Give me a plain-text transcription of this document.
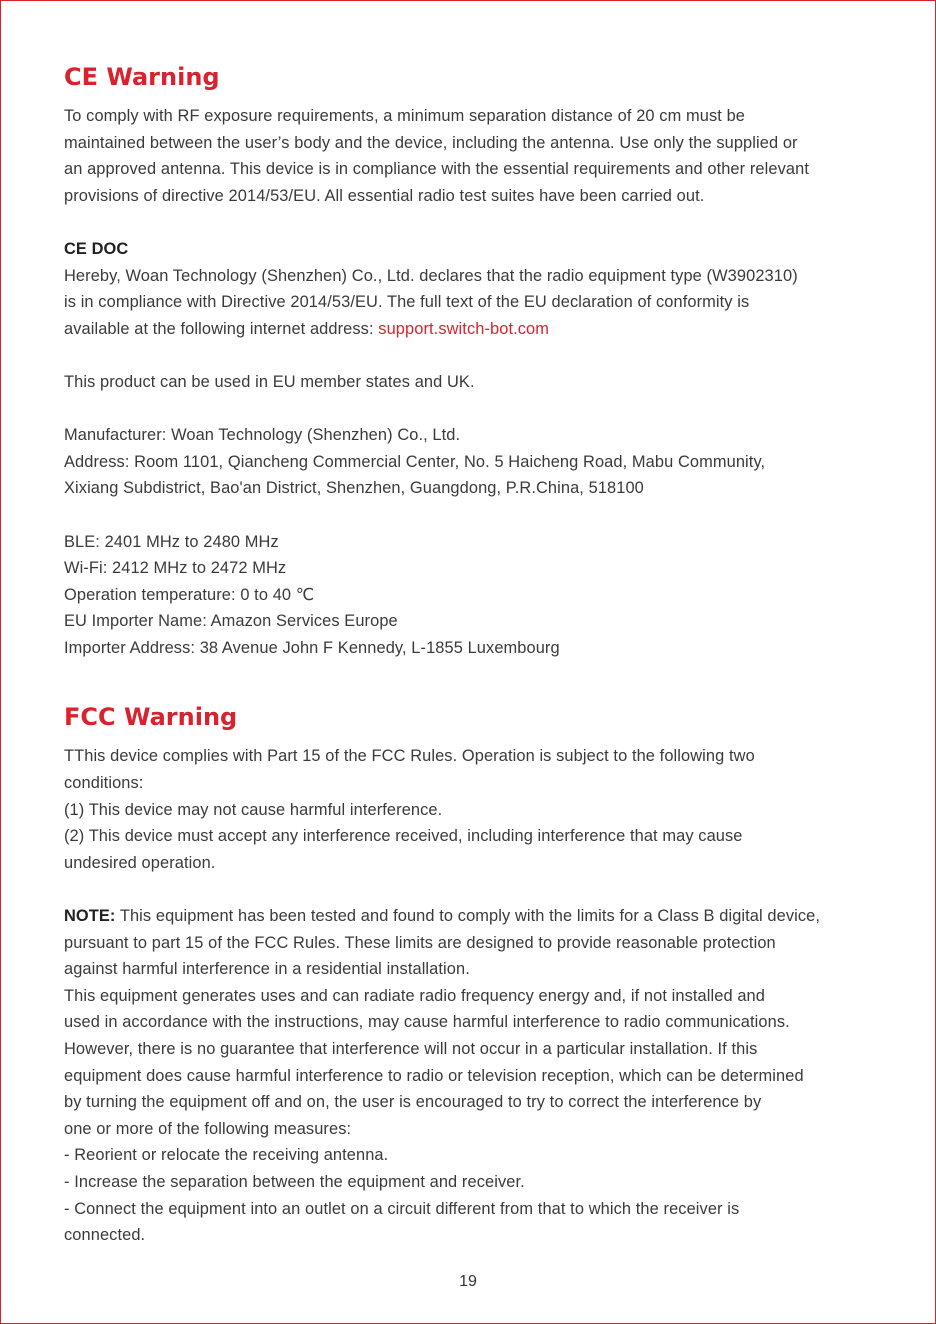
CE Warning

To comply with RF exposure requirements, a minimum separation distance of 20 cm must be

maintained between the user’s body and the device, including the antenna. Use only the supplied or

an approved antenna. This device is in compliance with the essential requirements and other relevant

provisions of directive 2014/53/EU. All essential radio test suites have been carried out.

CE DOC

Hereby, Woan Technology (Shenzhen) Co., Ltd. declares that the radio equipment type (W3902310)

is in compliance with Directive 2014/53/EU. The full text of the EU declaration of conformity is

available at the following internet address: support.switch-bot.com

This product can be used in EU member states and UK.

Manufacturer: Woan Technology (Shenzhen) Co., Ltd.

Address: Room 1101, Qiancheng Commercial Center, No. 5 Haicheng Road, Mabu Community,

Xixiang Subdistrict, Bao'an District, Shenzhen, Guangdong, P.R.China, 518100

BLE: 2401 MHz to 2480 MHz

Wi-Fi: 2412 MHz to 2472 MHz

Operation temperature: 0 to 40 ℃

EU Importer Name: Amazon Services Europe

Importer Address: 38 Avenue John F Kennedy, L-1855 Luxembourg

FCC Warning

TThis device complies with Part 15 of the FCC Rules. Operation is subject to the following two

conditions:

(1) This device may not cause harmful interference.

(2) This device must accept any interference received, including interference that may cause

undesired operation.

NOTE: This equipment has been tested and found to comply with the limits for a Class B digital device,

pursuant to part 15 of the FCC Rules. These limits are designed to provide reasonable protection

against harmful interference in a residential installation.

This equipment generates uses and can radiate radio frequency energy and, if not installed and

used in accordance with the instructions, may cause harmful interference to radio communications.

However, there is no guarantee that interference will not occur in a particular installation. If this

equipment does cause harmful interference to radio or television reception, which can be determined

by turning the equipment off and on, the user is encouraged to try to correct the interference by

one or more of the following measures:

- Reorient or relocate the receiving antenna.

- Increase the separation between the equipment and receiver.

- Connect the equipment into an outlet on a circuit different from that to which the receiver is

connected.

19
